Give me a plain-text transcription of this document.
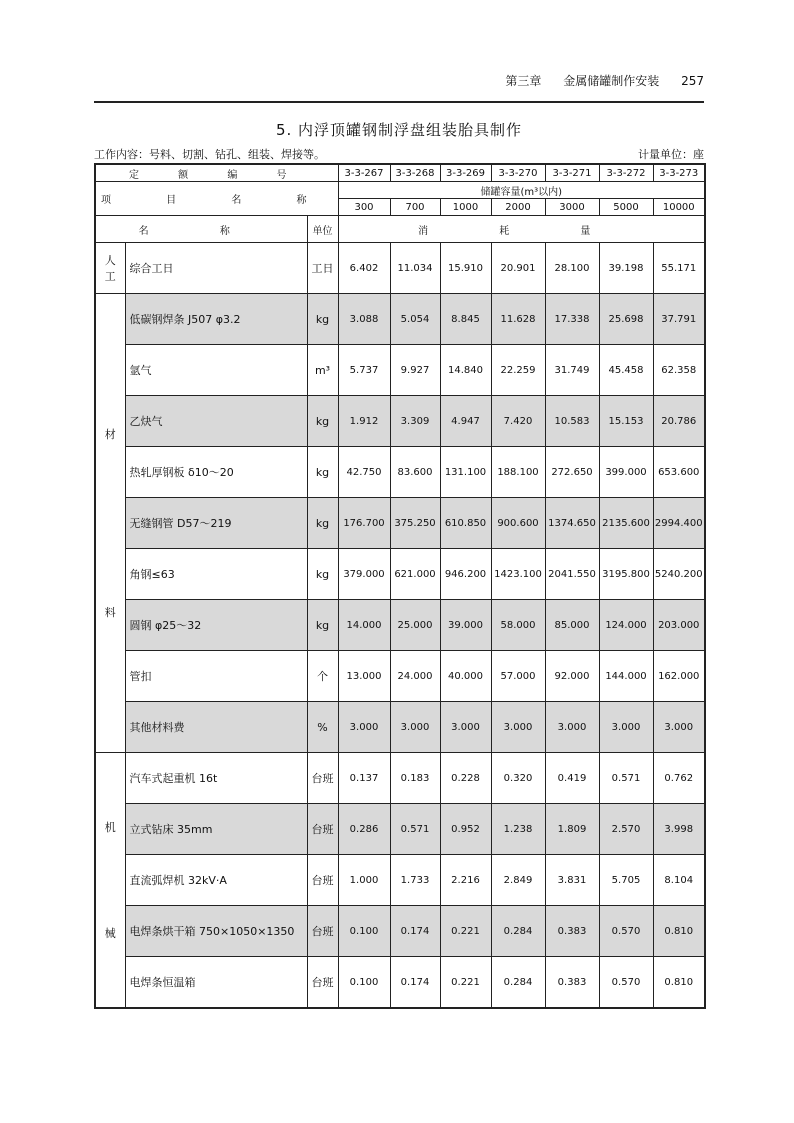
第三章 金属储罐制作安装 257
5. 内浮顶罐钢制浮盘组装胎具制作
工作内容：号料、切割、钻孔、组装、焊接等。	计量单位：座
定 额 编 号			3-3-267	3-3-268	3-3-269	3-3-270	3-3-271	3-3-272	3-3-273
项 目 名 称			储罐容量(m³以内)						
			300	700	1000	2000	3000	5000	10000
名 称		单位	消 耗 量						

人
工	综合工日	工日	6.402	11.034	15.910	20.901	28.100	39.198	55.171

材
料	低碳钢焊条 J507 φ3.2	kg	3.088	5.054	8.845	11.628	17.338	25.698	37.791
	氩气	m³	5.737	9.927	14.840	22.259	31.749	45.458	62.358
	乙炔气	kg	1.912	3.309	4.947	7.420	10.583	15.153	20.786
	热轧厚钢板 δ10～20	kg	42.750	83.600	131.100	188.100	272.650	399.000	653.600
	无缝钢管 D57～219	kg	176.700	375.250	610.850	900.600	1374.650	2135.600	2994.400
	角钢≤63	kg	379.000	621.000	946.200	1423.100	2041.550	3195.800	5240.200
	圆钢 φ25～32	kg	14.000	25.000	39.000	58.000	85.000	124.000	203.000
	管扣	个	13.000	24.000	40.000	57.000	92.000	144.000	162.000
	其他材料费	%	3.000	3.000	3.000	3.000	3.000	3.000	3.000

机
械	汽车式起重机 16t	台班	0.137	0.183	0.228	0.320	0.419	0.571	0.762
	立式钻床 35mm	台班	0.286	0.571	0.952	1.238	1.809	2.570	3.998
	直流弧焊机 32kV·A	台班	1.000	1.733	2.216	2.849	3.831	5.705	8.104
	电焊条烘干箱 750×1050×1350	台班	0.100	0.174	0.221	0.284	0.383	0.570	0.810
	电焊条恒温箱	台班	0.100	0.174	0.221	0.284	0.383	0.570	0.810
